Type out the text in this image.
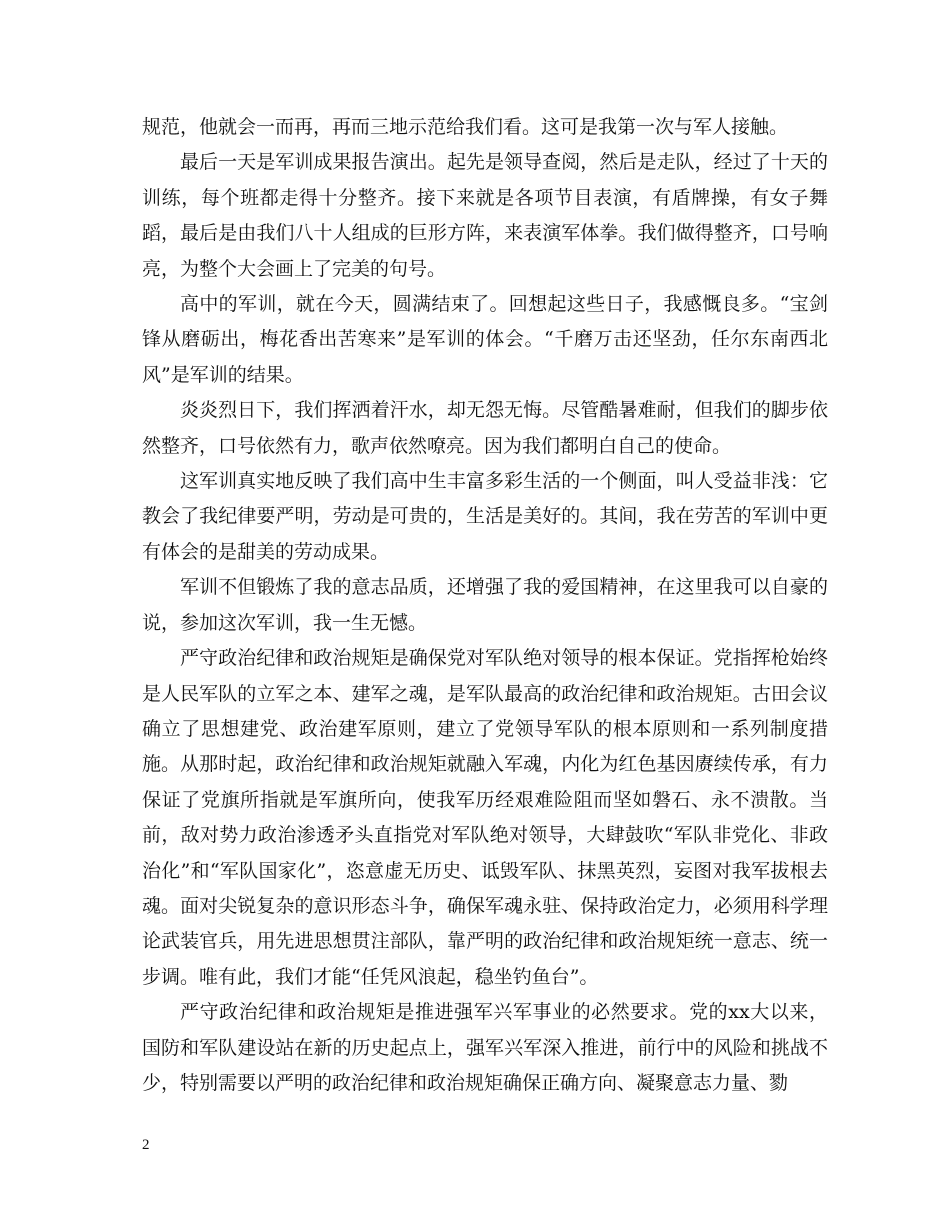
规范，他就会一而再，再而三地示范给我们看。这可是我第一次与军人接触。

最后一天是军训成果报告演出。起先是领导查阅，然后是走队，经过了十天的训练，每个班都走得十分整齐。接下来就是各项节目表演，有盾牌操，有女子舞蹈，最后是由我们八十人组成的巨形方阵，来表演军体拳。我们做得整齐，口号响亮，为整个大会画上了完美的句号。

高中的军训，就在今天，圆满结束了。回想起这些日子，我感慨良多。“宝剑锋从磨砺出，梅花香出苦寒来”是军训的体会。“千磨万击还坚劲，任尔东南西北风”是军训的结果。

炎炎烈日下，我们挥洒着汗水，却无怨无悔。尽管酷暑难耐，但我们的脚步依然整齐，口号依然有力，歌声依然嘹亮。因为我们都明白自己的使命。

这军训真实地反映了我们高中生丰富多彩生活的一个侧面，叫人受益非浅：它教会了我纪律要严明，劳动是可贵的，生活是美好的。其间，我在劳苦的军训中更有体会的是甜美的劳动成果。

军训不但锻炼了我的意志品质，还增强了我的爱国精神，在这里我可以自豪的说，参加这次军训，我一生无憾。

严守政治纪律和政治规矩是确保党对军队绝对领导的根本保证。党指挥枪始终是人民军队的立军之本、建军之魂，是军队最高的政治纪律和政治规矩。古田会议确立了思想建党、政治建军原则，建立了党领导军队的根本原则和一系列制度措施。从那时起，政治纪律和政治规矩就融入军魂，内化为红色基因赓续传承，有力保证了党旗所指就是军旗所向，使我军历经艰难险阻而坚如磐石、永不溃散。当前，敌对势力政治渗透矛头直指党对军队绝对领导，大肆鼓吹“军队非党化、非政治化”和“军队国家化”，恣意虚无历史、诋毁军队、抹黑英烈，妄图对我军拔根去魂。面对尖锐复杂的意识形态斗争，确保军魂永驻、保持政治定力，必须用科学理论武装官兵，用先进思想贯注部队，靠严明的政治纪律和政治规矩统一意志、统一步调。唯有此，我们才能“任凭风浪起，稳坐钓鱼台”。

严守政治纪律和政治规矩是推进强军兴军事业的必然要求。党的xx大以来，国防和军队建设站在新的历史起点上，强军兴军深入推进，前行中的风险和挑战不少，特别需要以严明的政治纪律和政治规矩确保正确方向、凝聚意志力量、勠

2
